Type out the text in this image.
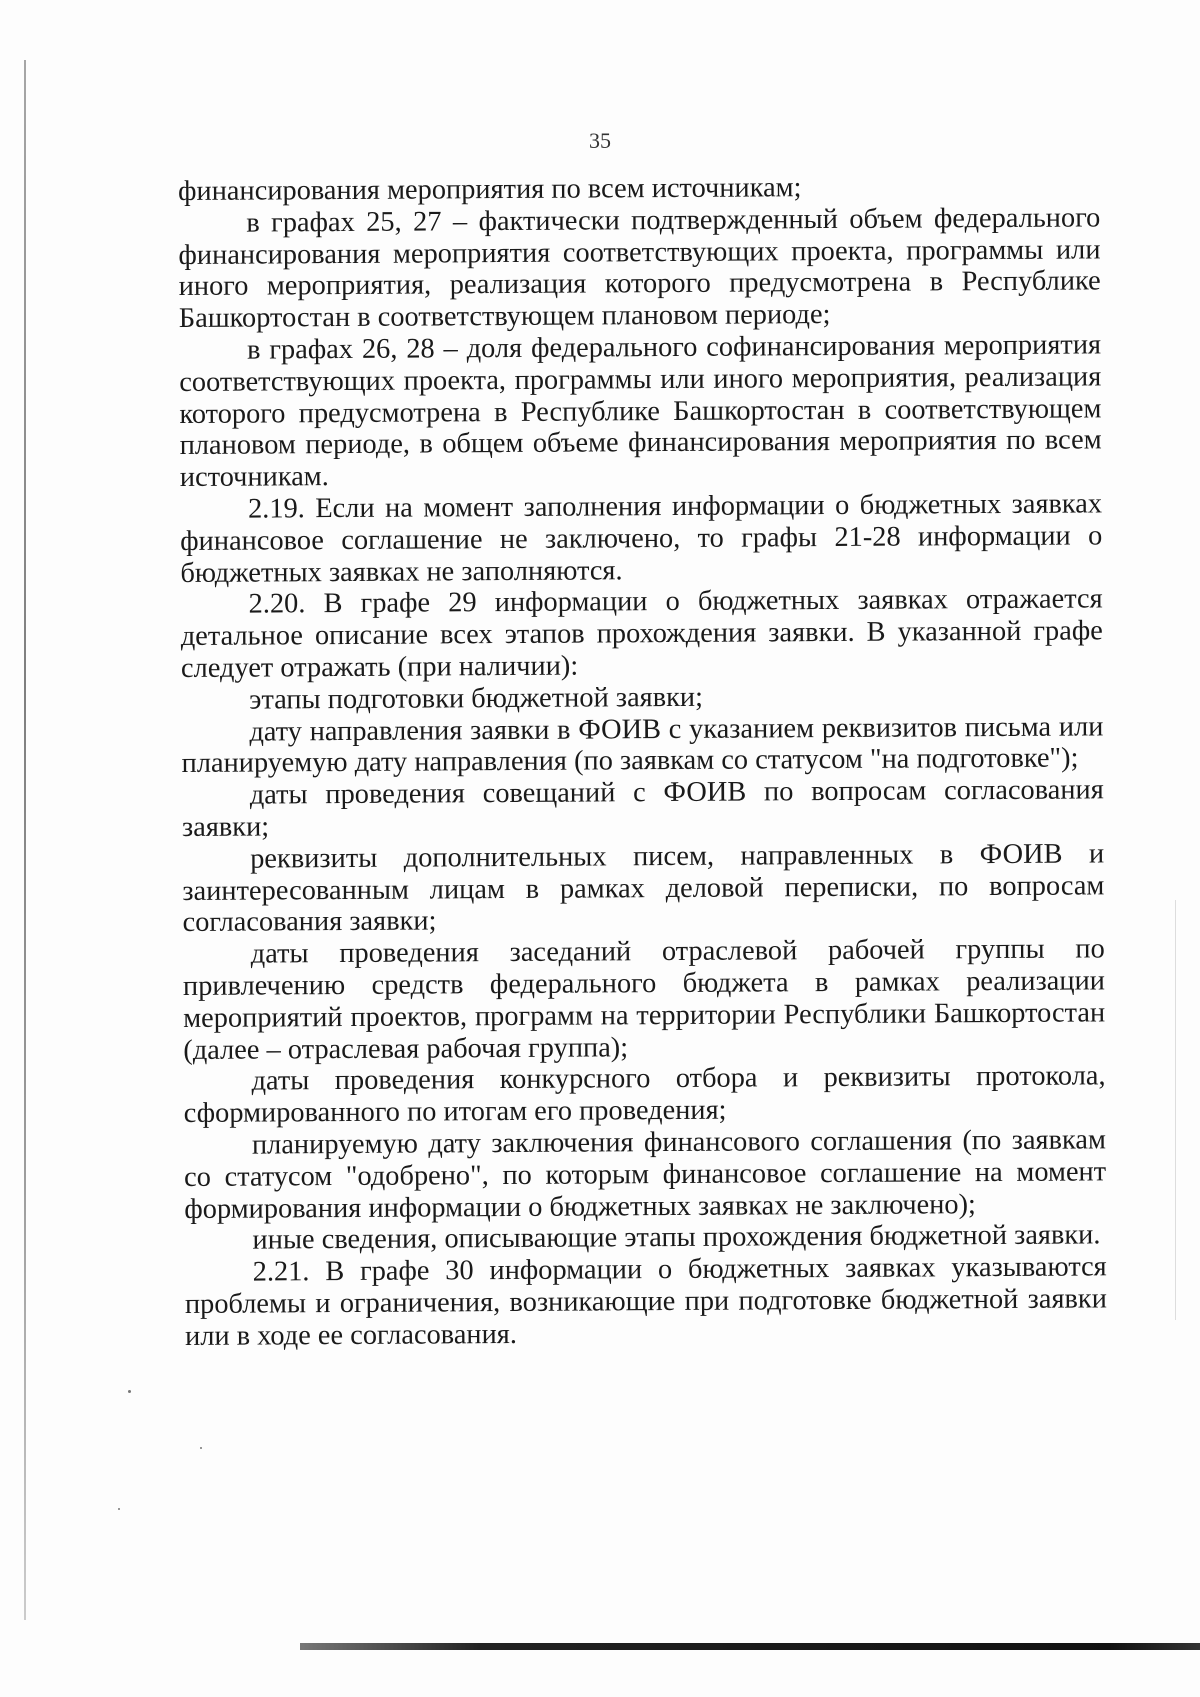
35

финансирования мероприятия по всем источникам;

в графах 25, 27 – фактически подтвержденный объем федерального финансирования мероприятия соответствующих проекта, программы или иного мероприятия, реализация которого предусмотрена в Республике Башкортостан в соответствующем плановом периоде;

в графах 26, 28 – доля федерального софинансирования мероприятия соответствующих проекта, программы или иного мероприятия, реализация которого предусмотрена в Республике Башкортостан в соответствующем плановом периоде, в общем объеме финансирования мероприятия по всем источникам.

2.19. Если на момент заполнения информации о бюджетных заявках финансовое соглашение не заключено, то графы 21-28 информации о бюджетных заявках не заполняются.

2.20. В графе 29 информации о бюджетных заявках отражается детальное описание всех этапов прохождения заявки. В указанной графе следует отражать (при наличии):

этапы подготовки бюджетной заявки;

дату направления заявки в ФОИВ с указанием реквизитов письма или планируемую дату направления (по заявкам со статусом "на подготовке");

даты проведения совещаний с ФОИВ по вопросам согласования заявки;

реквизиты дополнительных писем, направленных в ФОИВ и заинтересованным лицам в рамках деловой переписки, по вопросам согласования заявки;

даты проведения заседаний отраслевой рабочей группы по привлечению средств федерального бюджета в рамках реализации мероприятий проектов, программ на территории Республики Башкортостан (далее – отраслевая рабочая группа);

даты проведения конкурсного отбора и реквизиты протокола, сформированного по итогам его проведения;

планируемую дату заключения финансового соглашения (по заявкам со статусом "одобрено", по которым финансовое соглашение на момент формирования информации о бюджетных заявках не заключено);

иные сведения, описывающие этапы прохождения бюджетной заявки.

2.21. В графе 30 информации о бюджетных заявках указываются проблемы и ограничения, возникающие при подготовке бюджетной заявки или в ходе ее согласования.
